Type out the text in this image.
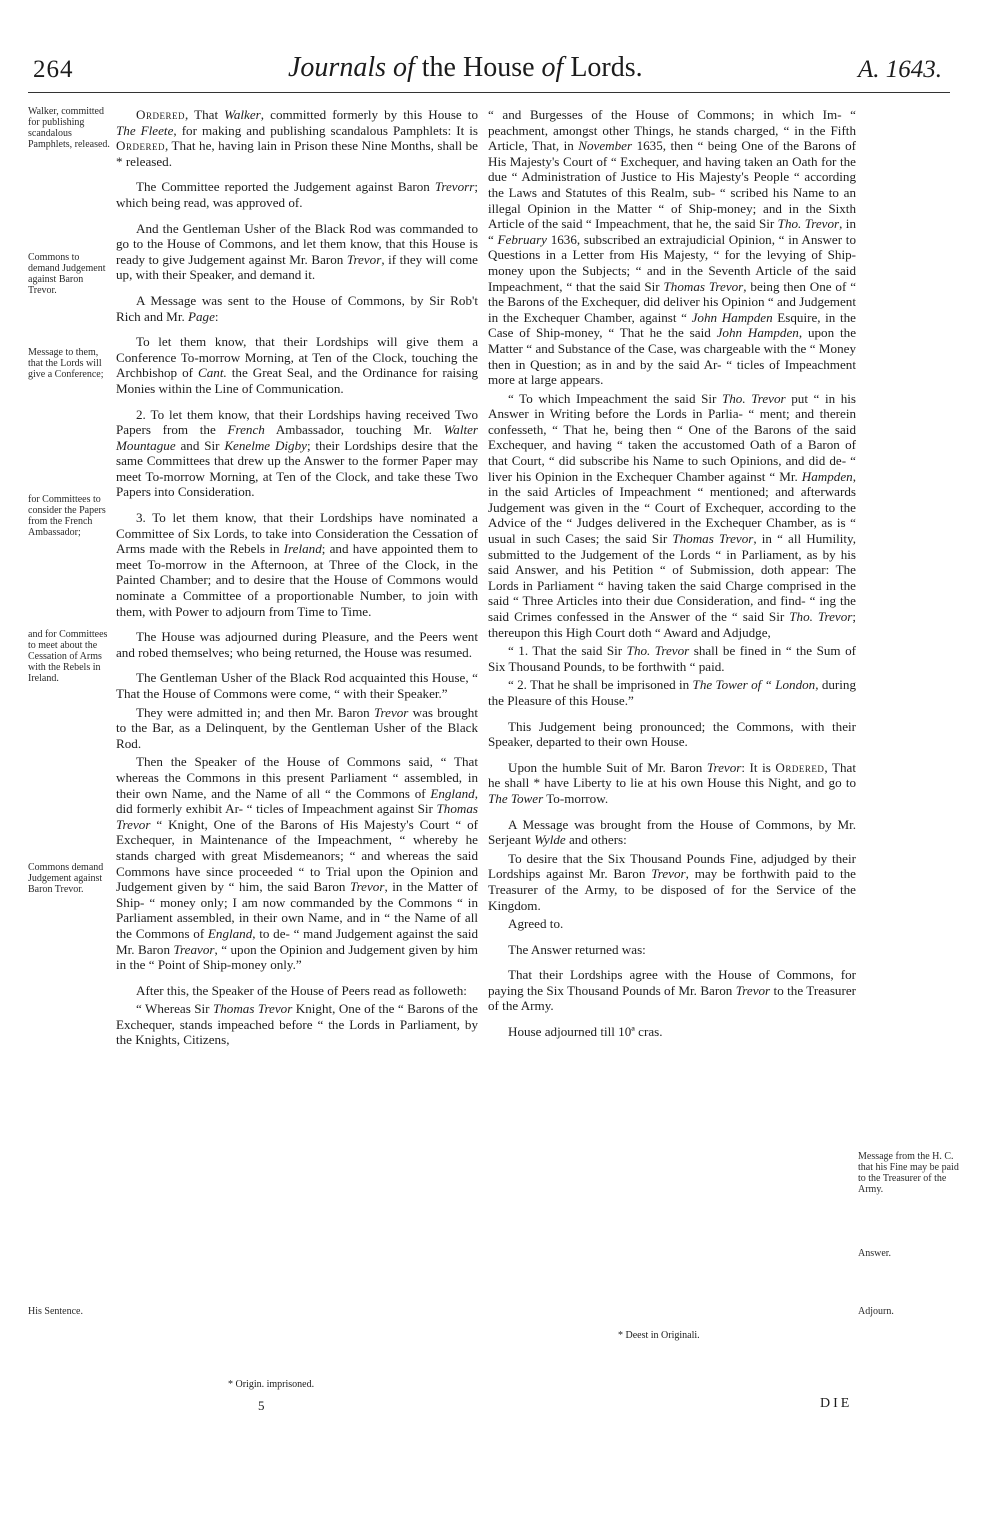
264	Journals of the House of Lords.	A. 1643.
Walker, committed for publishing scandalous Pamphlets, released.
Commons to demand Judgement against Baron Trevor.
Message to them, that the Lords will give a Conference;
for Committees to consider the Papers from the French Ambassador;
and for Committees to meet about the Cessation of Arms with the Rebels in Ireland.
Commons demand Judgement against Baron Trevor.
His Sentence.
Message from the H. C. that his Fine may be paid to the Treasurer of the Army.
Answer.
Adjourn.

Ordered, That Walker, committed formerly by this House to The Fleete, for making and publishing scandalous Pamphlets: It is Ordered, That he, having lain in Prison these Nine Months, shall be * released.

The Committee reported the Judgement against Baron Trevorr; which being read, was approved of.

And the Gentleman Usher of the Black Rod was commanded to go to the House of Commons, and let them know, that this House is ready to give Judgement against Mr. Baron Trevor, if they will come up, with their Speaker, and demand it.

A Message was sent to the House of Commons, by Sir Rob't Rich and Mr. Page:

To let them know, that their Lordships will give them a Conference To-morrow Morning, at Ten of the Clock, touching the Archbishop of Cant. the Great Seal, and the Ordinance for raising Monies within the Line of Communication.

2. To let them know, that their Lordships having received Two Papers from the French Ambassador, touching Mr. Walter Mountague and Sir Kenelme Digby; their Lordships desire that the same Committees that drew up the Answer to the former Paper may meet To-morrow Morning, at Ten of the Clock, and take these Two Papers into Consideration.

3. To let them know, that their Lordships have nominated a Committee of Six Lords, to take into Consideration the Cessation of Arms made with the Rebels in Ireland; and have appointed them to meet To-morrow in the Afternoon, at Three of the Clock, in the Painted Chamber; and to desire that the House of Commons would nominate a Committee of a proportionable Number, to join with them, with Power to adjourn from Time to Time.

The House was adjourned during Pleasure, and the Peers went and robed themselves; who being returned, the House was resumed.

The Gentleman Usher of the Black Rod acquainted this House, “ That the House of Commons were come, “ with their Speaker.”

They were admitted in; and then Mr. Baron Trevor was brought to the Bar, as a Delinquent, by the Gentleman Usher of the Black Rod.

Then the Speaker of the House of Commons said, “ That whereas the Commons in this present Parliament “ assembled, in their own Name, and the Name of all “ the Commons of England, did formerly exhibit Ar- “ ticles of Impeachment against Sir Thomas Trevor “ Knight, One of the Barons of His Majesty's Court “ of Exchequer, in Maintenance of the Impeachment, “ whereby he stands charged with great Misdemeanors; “ and whereas the said Commons have since proceeded “ to Trial upon the Opinion and Judgement given by “ him, the said Baron Trevor, in the Matter of Ship- “ money only; I am now commanded by the Commons “ in Parliament assembled, in their own Name, and in “ the Name of all the Commons of England, to de- “ mand Judgement against the said Mr. Baron Treavor, “ upon the Opinion and Judgement given by him in the “ Point of Ship-money only.”

After this, the Speaker of the House of Peers read as followeth:

“ Whereas Sir Thomas Trevor Knight, One of the “ Barons of the Exchequer, stands impeached before “ the Lords in Parliament, by the Knights, Citizens,

“ and Burgesses of the House of Commons; in which Im- “ peachment, amongst other Things, he stands charged, “ in the Fifth Article, That, in November 1635, then “ being One of the Barons of His Majesty's Court of “ Exchequer, and having taken an Oath for the due “ Administration of Justice to His Majesty's People “ according the Laws and Statutes of this Realm, sub- “ scribed his Name to an illegal Opinion in the Matter “ of Ship-money; and in the Sixth Article of the said “ Impeachment, that he, the said Sir Tho. Trevor, in “ February 1636, subscribed an extrajudicial Opinion, “ in Answer to Questions in a Letter from His Majesty, “ for the levying of Ship-money upon the Subjects; “ and in the Seventh Article of the said Impeachment, “ that the said Sir Thomas Trevor, being then One of “ the Barons of the Exchequer, did deliver his Opinion “ and Judgement in the Exchequer Chamber, against “ John Hampden Esquire, in the Case of Ship-money, “ That he the said John Hampden, upon the Matter “ and Substance of the Case, was chargeable with the “ Money then in Question; as in and by the said Ar- “ ticles of Impeachment more at large appears.

“ To which Impeachment the said Sir Tho. Trevor put “ in his Answer in Writing before the Lords in Parlia- “ ment; and therein confesseth, “ That he, being then “ One of the Barons of the said Exchequer, and having “ taken the accustomed Oath of a Baron of that Court, “ did subscribe his Name to such Opinions, and did de- “ liver his Opinion in the Exchequer Chamber against “ Mr. Hampden, in the said Articles of Impeachment “ mentioned; and afterwards Judgement was given in the “ Court of Exchequer, according to the Advice of the “ Judges delivered in the Exchequer Chamber, as is “ usual in such Cases; the said Sir Thomas Trevor, in “ all Humility, submitted to the Judgement of the Lords “ in Parliament, as by his said Answer, and his Petition “ of Submission, doth appear: The Lords in Parliament “ having taken the said Charge comprised in the said “ Three Articles into their due Consideration, and find- “ ing the said Crimes confessed in the Answer of the “ said Sir Tho. Trevor; thereupon this High Court doth “ Award and Adjudge,

“ 1. That the said Sir Tho. Trevor shall be fined in “ the Sum of Six Thousand Pounds, to be forthwith “ paid.

“ 2. That he shall be imprisoned in The Tower of “ London, during the Pleasure of this House.”

This Judgement being pronounced; the Commons, with their Speaker, departed to their own House.

Upon the humble Suit of Mr. Baron Trevor: It is Ordered, That he shall * have Liberty to lie at his own House this Night, and go to The Tower To-morrow.

A Message was brought from the House of Commons, by Mr. Serjeant Wylde and others:

To desire that the Six Thousand Pounds Fine, adjudged by their Lordships against Mr. Baron Trevor, may be forthwith paid to the Treasurer of the Army, to be disposed of for the Service of the Kingdom.

Agreed to.

The Answer returned was:

That their Lordships agree with the House of Commons, for paying the Six Thousand Pounds of Mr. Baron Trevor to the Treasurer of the Army.

House adjourned till 10ª cras.

* Origin. imprisoned.
* Deest in Originali.
5	DIE
